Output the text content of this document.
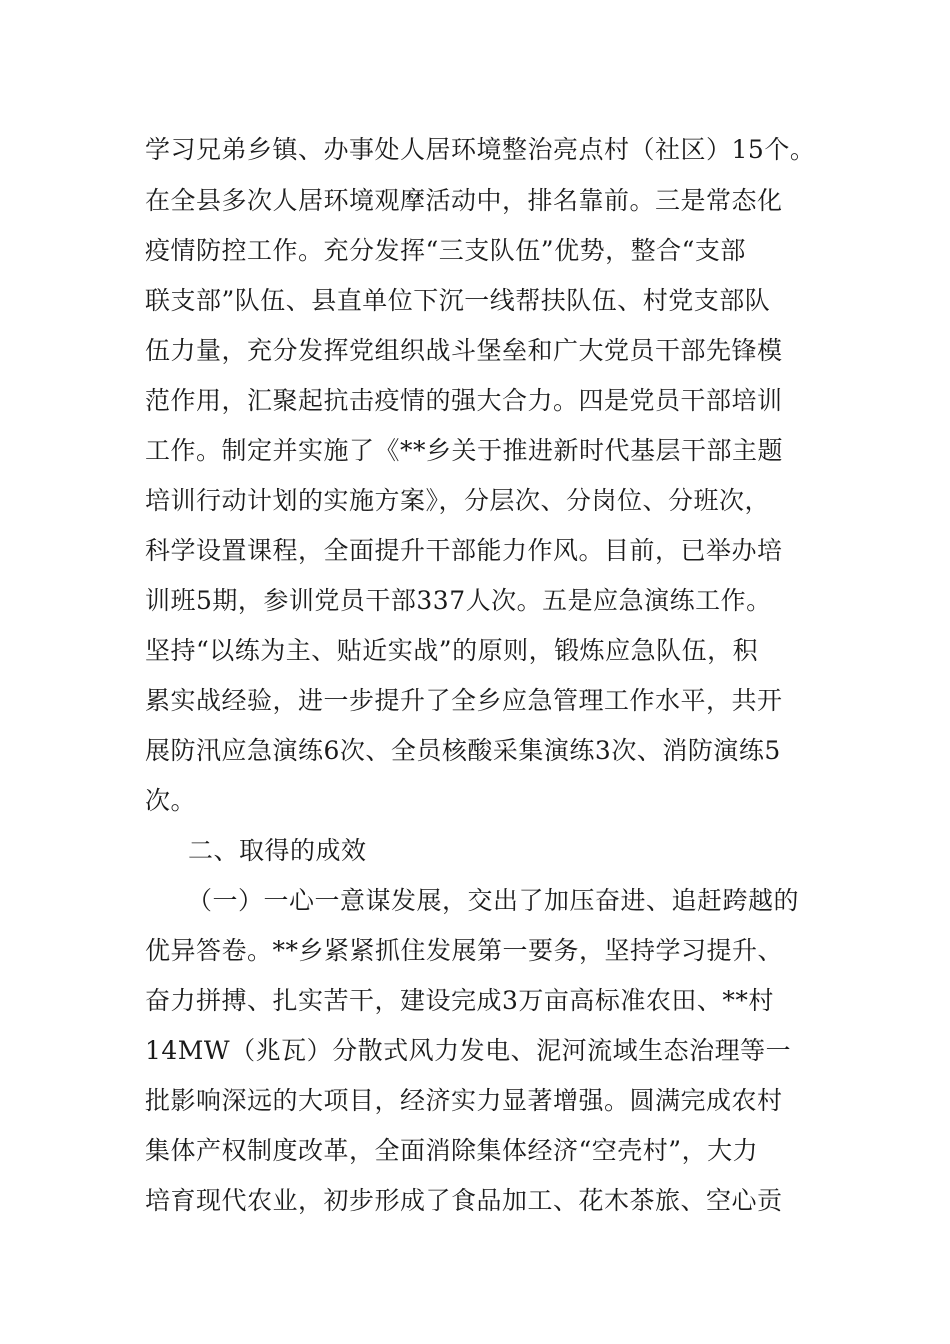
学习兄弟乡镇、办事处人居环境整治亮点村（社区）15个。
在全县多次人居环境观摩活动中，排名靠前。三是常态化
疫情防控工作。充分发挥“三支队伍”优势，整合“支部
联支部”队伍、县直单位下沉一线帮扶队伍、村党支部队
伍力量，充分发挥党组织战斗堡垒和广大党员干部先锋模
范作用，汇聚起抗击疫情的强大合力。四是党员干部培训
工作。制定并实施了《**乡关于推进新时代基层干部主题
培训行动计划的实施方案》，分层次、分岗位、分班次，
科学设置课程，全面提升干部能力作风。目前，已举办培
训班5期，参训党员干部337人次。五是应急演练工作。
坚持“以练为主、贴近实战”的原则，锻炼应急队伍，积
累实战经验，进一步提升了全乡应急管理工作水平，共开
展防汛应急演练6次、全员核酸采集演练3次、消防演练5
次。
二、取得的成效
（一）一心一意谋发展，交出了加压奋进、追赶跨越的
优异答卷。**乡紧紧抓住发展第一要务，坚持学习提升、
奋力拼搏、扎实苦干，建设完成3万亩高标准农田、**村
14MW（兆瓦）分散式风力发电、泥河流域生态治理等一
批影响深远的大项目，经济实力显著增强。圆满完成农村
集体产权制度改革，全面消除集体经济“空壳村”，大力
培育现代农业，初步形成了食品加工、花木茶旅、空心贡
